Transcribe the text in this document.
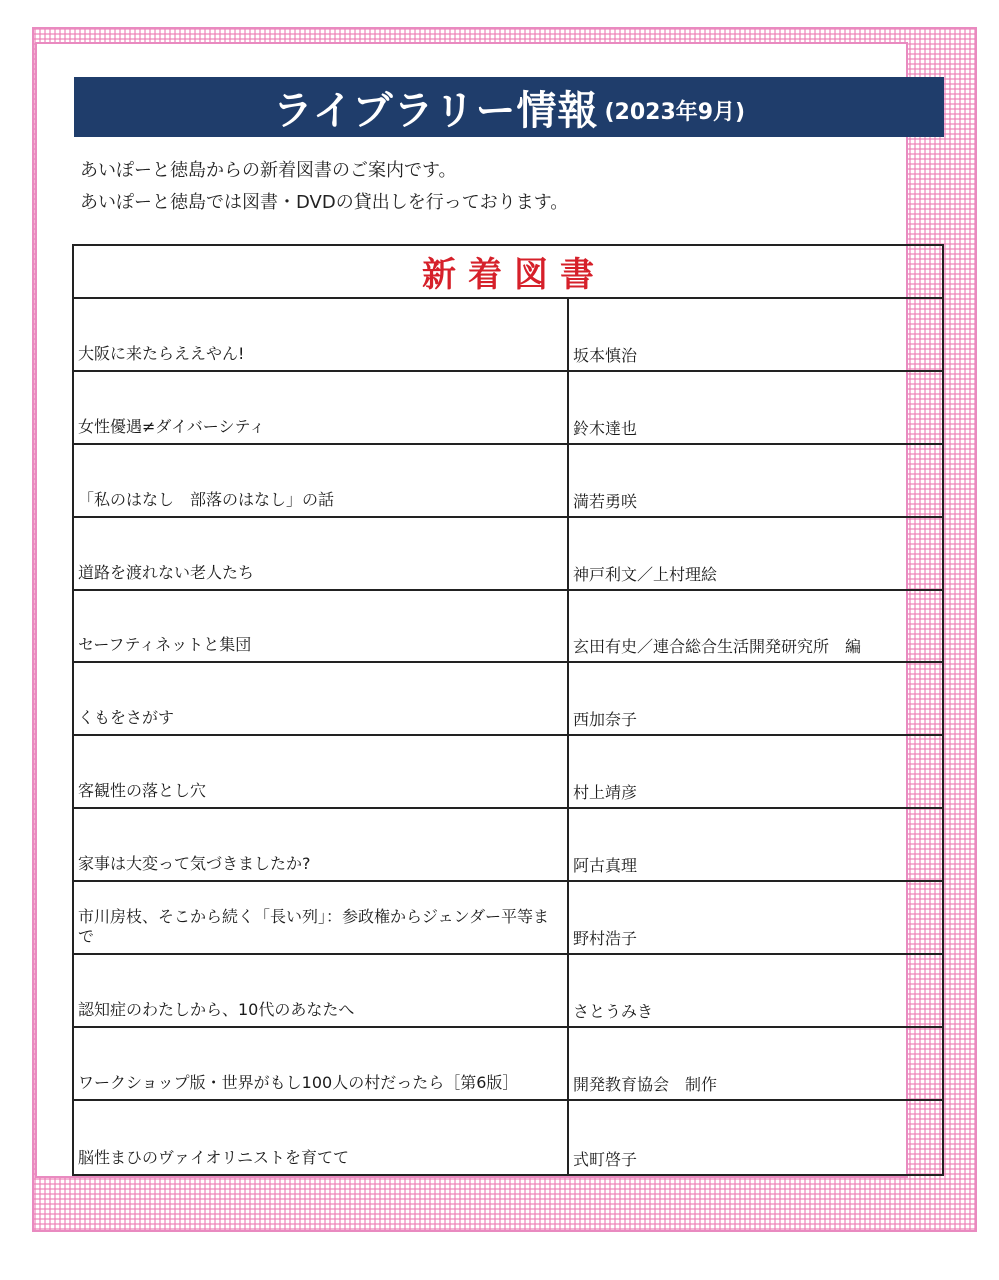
ライブラリー情報 (2023年9月)
あいぽーと徳島からの新着図書のご案内です。
あいぽーと徳島では図書・DVDの貸出しを行っております。
新着図書
大阪に来たらええやん!	坂本慎治
女性優遇≠ダイバーシティ	鈴木達也
「私のはなし　部落のはなし」の話	満若勇咲
道路を渡れない老人たち	神戸利文／上村理絵
セーフティネットと集団	玄田有史／連合総合生活開発研究所　編
くもをさがす	西加奈子
客観性の落とし穴	村上靖彦
家事は大変って気づきましたか?	阿古真理
市川房枝、そこから続く「長い列」：参政権からジェンダー平等まで	野村浩子
認知症のわたしから、10代のあなたへ	さとうみき
ワークショップ版・世界がもし100人の村だったら［第6版］	開発教育協会　制作
脳性まひのヴァイオリニストを育てて	式町啓子
